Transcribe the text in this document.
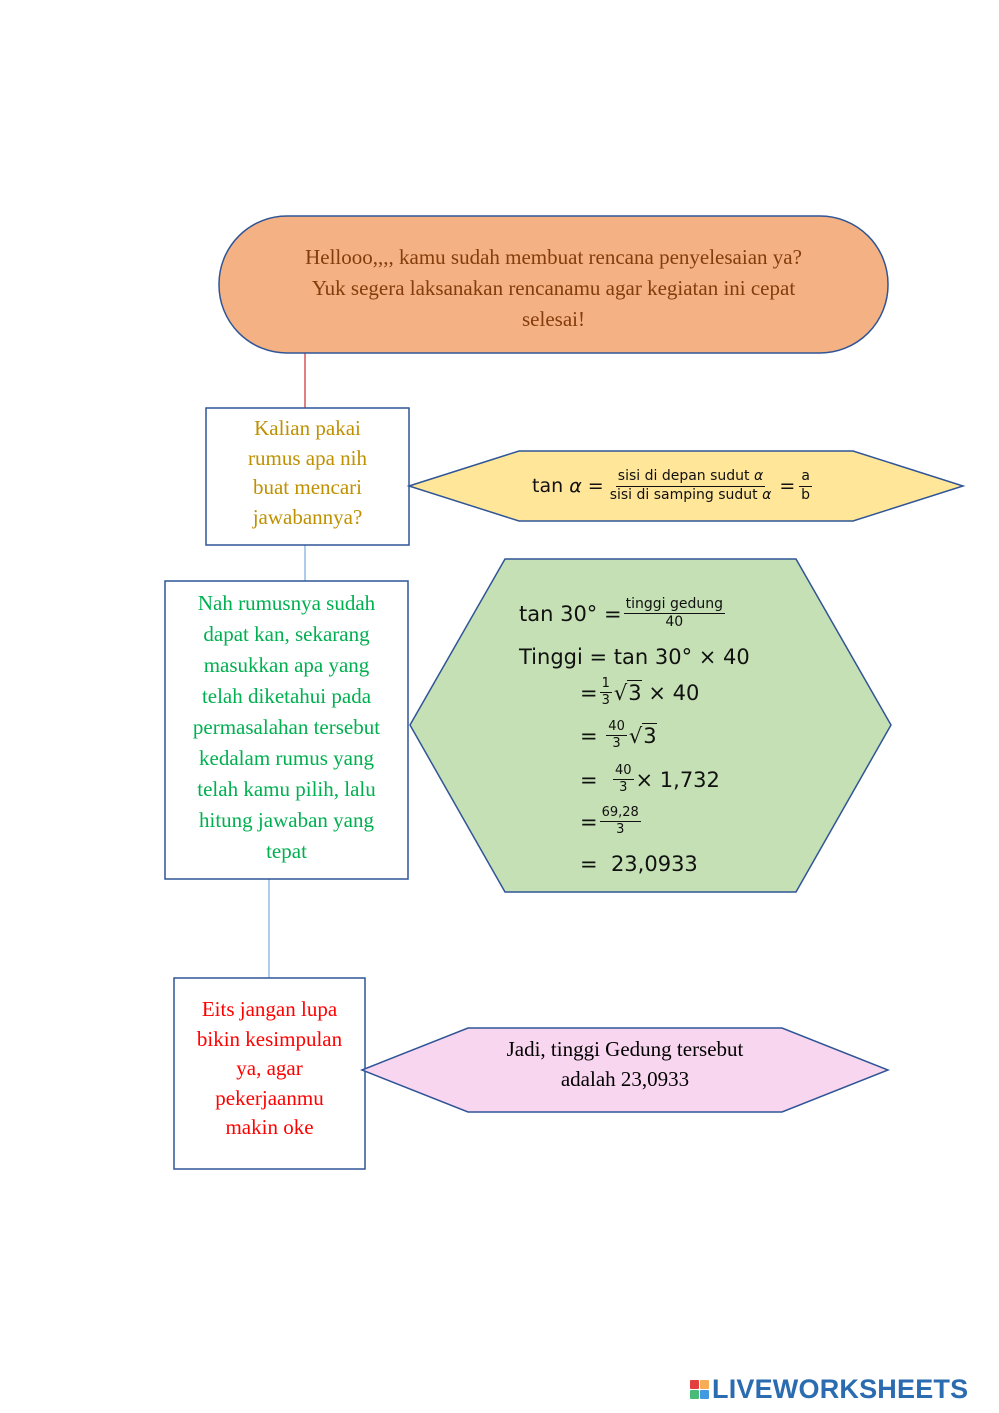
Hellooo,,,, kamu sudah membuat rencana penyelesaian ya?
Yuk segera laksanakan rencanamu agar kegiatan ini cepat
selesai!
Kalian pakai
rumus apa nih
buat mencari
jawabannya?
tan
α
= $\frac{\text{sisi di depan sudut α}}{\text{sisi di samping sudut α}}$
= $\frac{a}{b}$
Nah rumusnya sudah
dapat kan, sekarang
masukkan apa yang
telah diketahui pada
permasalahan tersebut
kedalam rumus yang
telah kamu pilih, lalu
hitung jawaban yang
tepat
$\tan 30^\circ = \frac{\text{tinggi gedung}}{40}$
Tinggi = tan 30° × 40
= $\frac{1}{3}$ √ 3
× 40
=
$\frac{40}{3}$ √ 3
=
$\frac{40}{3} \times 1,732$
= $\frac{69,28}{3}$
=  23,0933
Eits jangan lupa
bikin kesimpulan
ya, agar
pekerjaanmu
makin oke
Jadi, tinggi Gedung tersebut
adalah 23,0933
LIVEWORKSHEETS
